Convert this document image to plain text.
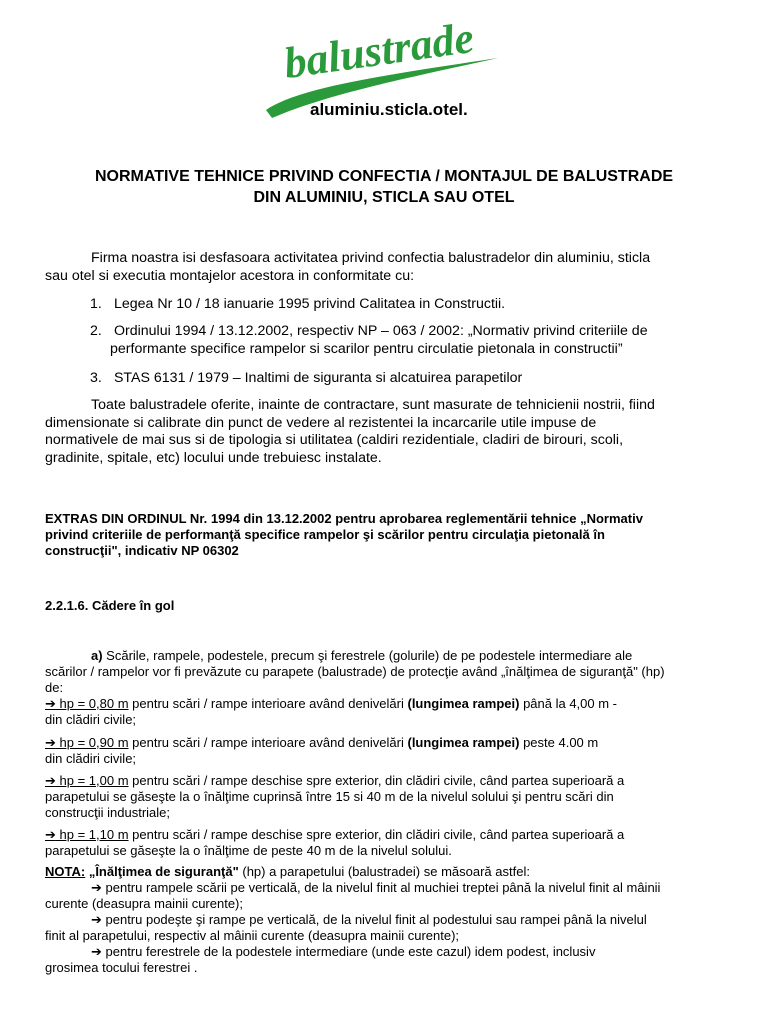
balustrade
aluminiu.sticla.otel.
NORMATIVE TEHNICE PRIVIND CONFECTIA / MONTAJUL DE BALUSTRADE
DIN ALUMINIU, STICLA SAU OTEL
Firma noastra isi desfasoara activitatea privind confectia balustradelor din aluminiu, sticla
sau otel si executia montajelor acestora in conformitate cu:
1. Legea Nr 10 / 18 ianuarie 1995 privind Calitatea in Constructii.
2. Ordinului 1994 / 13.12.2002, respectiv NP – 063 / 2002: „Normativ privind criteriile de
performante specifice rampelor si scarilor pentru circulatie pietonala in constructii”
3. STAS 6131 / 1979 – Inaltimi de siguranta si alcatuirea parapetilor
Toate balustradele oferite, inainte de contractare, sunt masurate de tehnicienii nostrii, fiind
dimensionate si calibrate din punct de vedere al rezistentei la incarcarile utile impuse de
normativele de mai sus si de tipologia si utilitatea (caldiri rezidentiale, cladiri de birouri, scoli,
gradinite, spitale, etc) locului unde trebuiesc instalate.
EXTRAS DIN ORDINUL Nr. 1994 din 13.12.2002 pentru aprobarea reglementării tehnice „Normativ
privind criteriile de performanţă specifice rampelor şi scărilor pentru circulaţia pietonală în
construcţii", indicativ NP 06302
2.2.1.6. Cădere în gol
a) Scările, rampele, podestele, precum şi ferestrele (golurile) de pe podestele intermediare ale
scărilor / rampelor vor fi prevăzute cu parapete (balustrade) de protecţie având „înălţimea de siguranţă" (hp)
de:
➔ hp = 0,80 m pentru scări / rampe interioare având denivelări (lungimea rampei) până la 4,00 m -
din clădiri civile;
➔ hp = 0,90 m pentru scări / rampe interioare având denivelări (lungimea rampei) peste 4.00 m
din clădiri civile;
➔ hp = 1,00 m pentru scări / rampe deschise spre exterior, din clădiri civile, când partea superioară a
parapetului se găseşte la o înălţime cuprinsă între 15 si 40 m de la nivelul solului şi pentru scări din
construcţii industriale;
➔ hp = 1,10 m pentru scări / rampe deschise spre exterior, din clădiri civile, când partea superioară a
parapetului se găseşte la o înălţime de peste 40 m de la nivelul solului.
NOTA: „Înălţimea de siguranţă" (hp) a parapetului (balustradei) se măsoară astfel:
➔ pentru rampele scării pe verticală, de la nivelul finit al muchiei treptei până la nivelul finit al mâinii
curente (deasupra mainii curente);
➔ pentru podeşte şi rampe pe verticală, de la nivelul finit al podestului sau rampei până la nivelul
finit al parapetului, respectiv al mâinii curente (deasupra mainii curente);
➔ pentru ferestrele de la podestele intermediare (unde este cazul) idem podest, inclusiv
grosimea tocului ferestrei .
